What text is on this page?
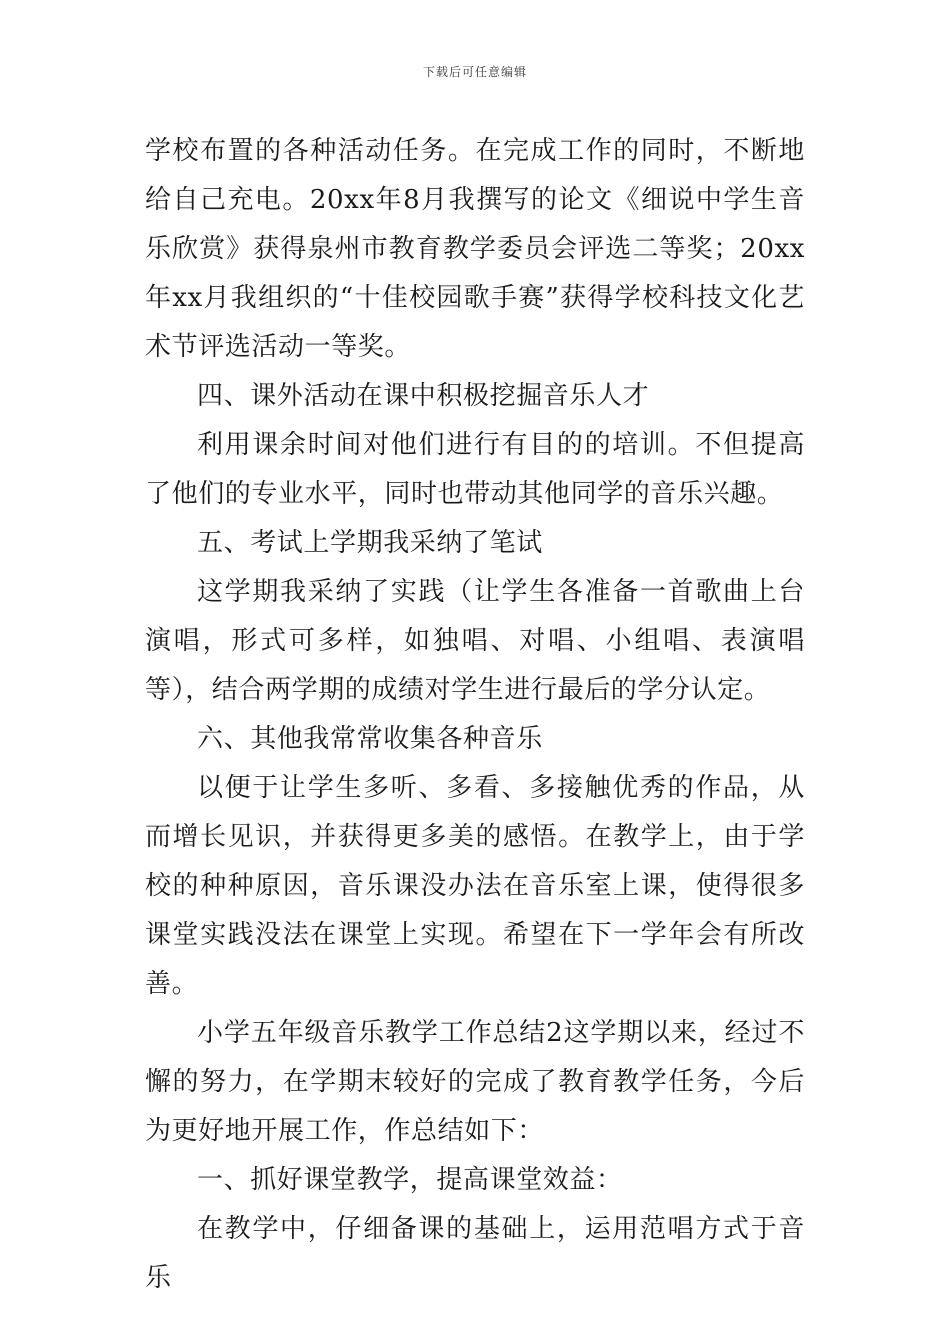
下载后可任意编辑

学校布置的各种活动任务。在完成工作的同时，不断地给自己充电。20xx年8月我撰写的论文《细说中学生音乐欣赏》获得泉州市教育教学委员会评选二等奖；20xx年xx月我组织的“十佳校园歌手赛”获得学校科技文化艺术节评选活动一等奖。

四、课外活动在课中积极挖掘音乐人才

利用课余时间对他们进行有目的的培训。不但提高了他们的专业水平，同时也带动其他同学的音乐兴趣。

五、考试上学期我采纳了笔试

这学期我采纳了实践（让学生各准备一首歌曲上台演唱，形式可多样，如独唱、对唱、小组唱、表演唱等），结合两学期的成绩对学生进行最后的学分认定。

六、其他我常常收集各种音乐

以便于让学生多听、多看、多接触优秀的作品，从而增长见识，并获得更多美的感悟。在教学上，由于学校的种种原因，音乐课没办法在音乐室上课，使得很多课堂实践没法在课堂上实现。希望在下一学年会有所改善。

小学五年级音乐教学工作总结2这学期以来，经过不懈的努力，在学期末较好的完成了教育教学任务，今后为更好地开展工作，作总结如下：

一、抓好课堂教学，提高课堂效益：

在教学中，仔细备课的基础上，运用范唱方式于音乐
